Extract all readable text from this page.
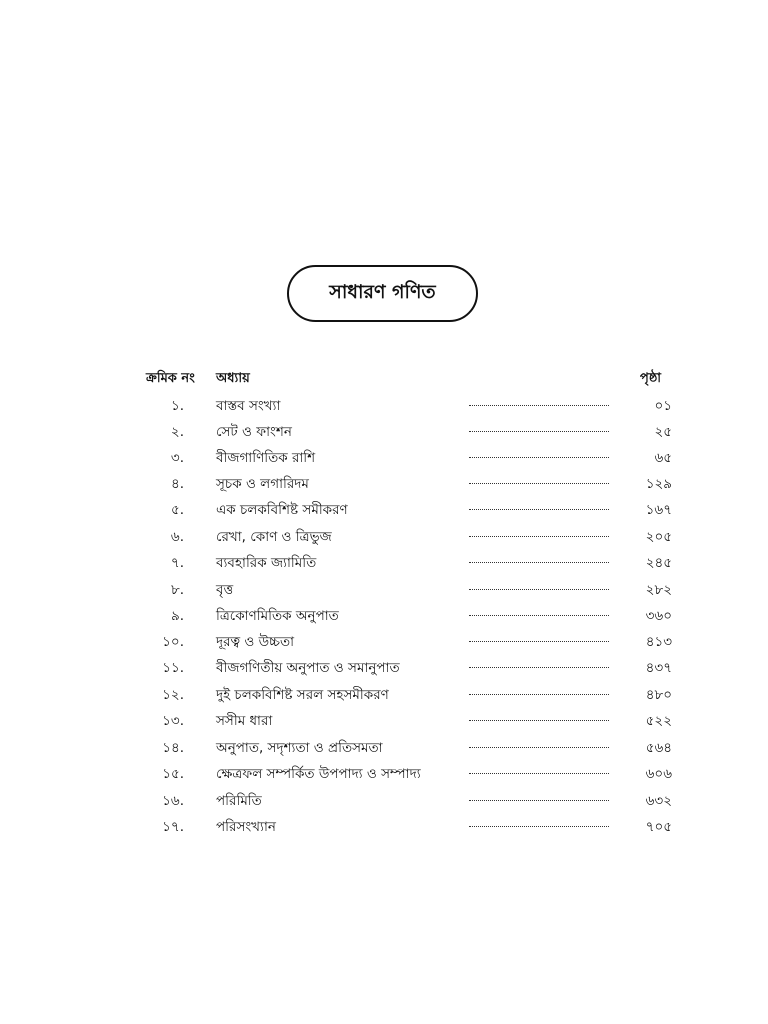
সাধারণ গণিত
ক্রমিক নং অধ্যায়	পৃষ্ঠা
১. বাস্তব সংখ্যা	০১
২. সেট ও ফাংশন	২৫
৩. বীজগাণিতিক রাশি	৬৫
৪. সূচক ও লগারিদম	১২৯
৫. এক চলকবিশিষ্ট সমীকরণ	১৬৭
৬. রেখা, কোণ ও ত্রিভুজ	২০৫
৭. ব্যবহারিক জ্যামিতি	২৪৫
৮. বৃত্ত	২৮২
৯. ত্রিকোণমিতিক অনুপাত	৩৬০
১০. দূরত্ব ও উচ্চতা	৪১৩
১১. বীজগণিতীয় অনুপাত ও সমানুপাত	৪৩৭
১২. দুই চলকবিশিষ্ট সরল সহসমীকরণ	৪৮০
১৩. সসীম ধারা	৫২২
১৪. অনুপাত, সদৃশ্যতা ও প্রতিসমতা	৫৬৪
১৫. ক্ষেত্রফল সম্পর্কিত উপপাদ্য ও সম্পাদ্য	৬০৬
১৬. পরিমিতি	৬৩২
১৭. পরিসংখ্যান	৭০৫
